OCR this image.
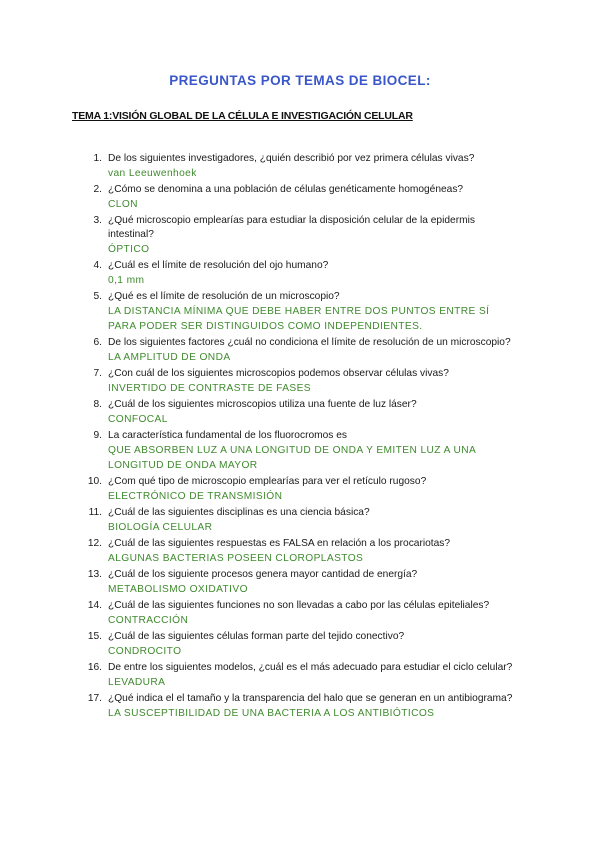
PREGUNTAS POR TEMAS DE BIOCEL:
TEMA 1:VISIÓN GLOBAL DE LA CÉLULA E INVESTIGACIÓN CELULAR
1. De los siguientes investigadores, ¿quién describió por vez primera células vivas?
van Leeuwenhoek
2. ¿Cómo se denomina a una población de células genéticamente homogéneas?
CLON
3. ¿Qué microscopio emplearías para estudiar la disposición celular de la epidermis intestinal?
ÓPTICO
4. ¿Cuál es el límite de resolución del ojo humano?
0,1 mm
5. ¿Qué es el límite de resolución de un microscopio?
LA DISTANCIA MÍNIMA QUE DEBE HABER ENTRE DOS PUNTOS ENTRE SÍ PARA PODER SER DISTINGUIDOS COMO INDEPENDIENTES.
6. De los siguientes factores ¿cuál no condiciona el límite de resolución de un microscopio?
LA AMPLITUD DE ONDA
7. ¿Con cuál de los siguientes microscopios podemos observar células vivas?
INVERTIDO DE CONTRASTE DE FASES
8. ¿Cuál de los siguientes microscopios utiliza una fuente de luz láser?
CONFOCAL
9. La característica fundamental de los fluorocromos es
QUE ABSORBEN LUZ A UNA LONGITUD DE ONDA Y EMITEN LUZ A UNA LONGITUD DE ONDA MAYOR
10. ¿Com qué tipo de microscopio emplearías para ver el retículo rugoso?
ELECTRÓNICO DE TRANSMISIÓN
11. ¿Cuál de las siguientes disciplinas es una ciencia básica?
BIOLOGÍA CELULAR
12. ¿Cuál de las siguientes respuestas es FALSA en relación a los procariotas?
ALGUNAS BACTERIAS POSEEN CLOROPLASTOS
13. ¿Cuál de los siguiente procesos genera mayor cantidad de energía?
METABOLISMO OXIDATIVO
14. ¿Cuál de las siguientes funciones no son llevadas a cabo por las células epiteliales?
CONTRACCIÓN
15. ¿Cuál de las siguientes células forman parte del tejido conectivo?
CONDROCITO
16. De entre los siguientes modelos, ¿cuál es el más adecuado para estudiar el ciclo celular?
LEVADURA
17. ¿Qué indica el el tamaño y la transparencia del halo que se generan en un antibiograma?
LA SUSCEPTIBILIDAD DE UNA BACTERIA A LOS ANTIBIÓTICOS
